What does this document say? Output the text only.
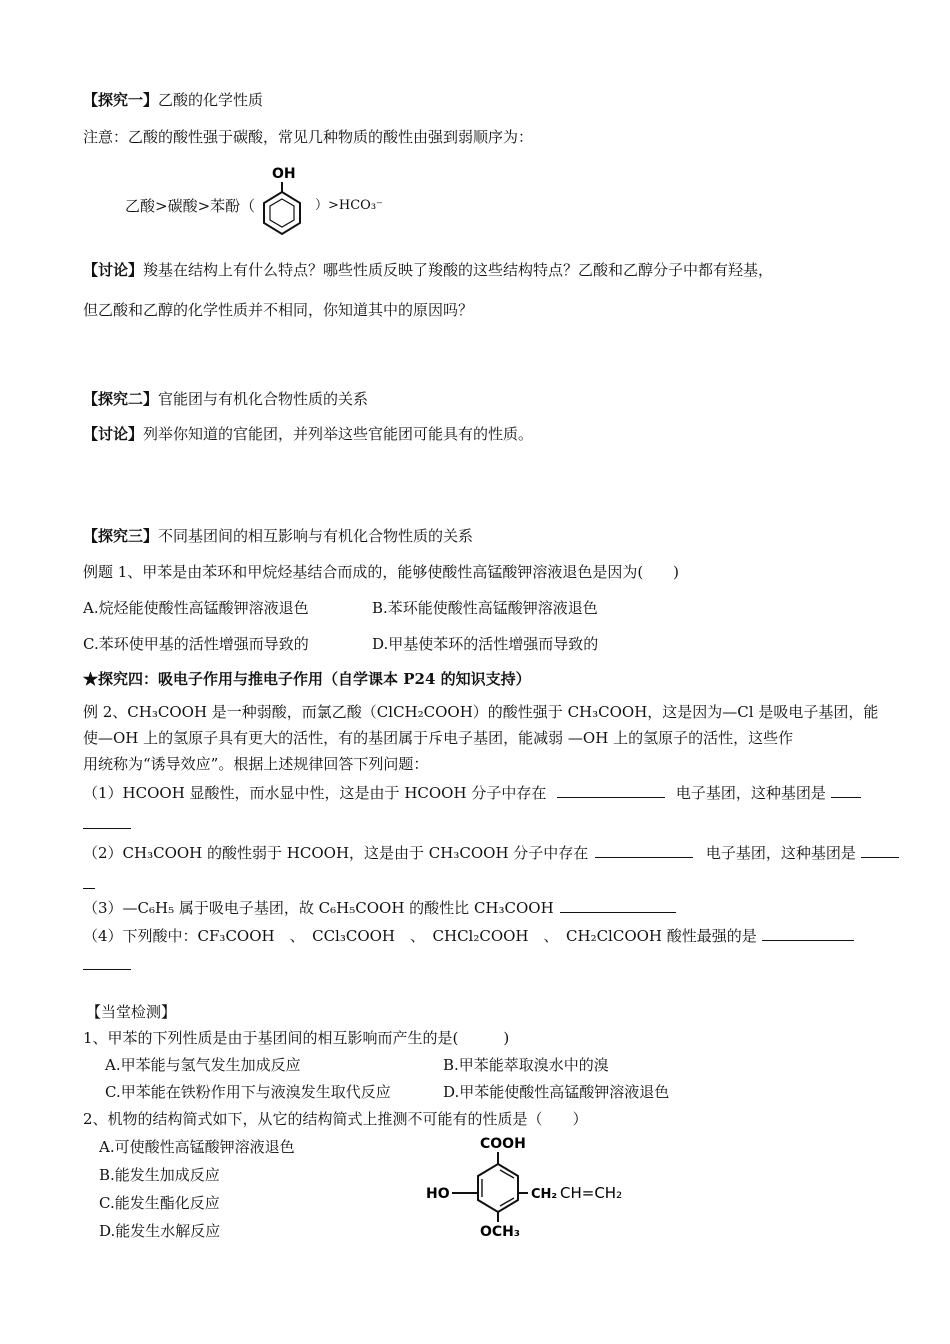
【探究一】乙酸的化学性质
注意：乙酸的酸性强于碳酸，常见几种物质的酸性由强到弱顺序为：
乙酸>碳酸>苯酚（
OH
）>HCO₃⁻
【讨论】羧基在结构上有什么特点？哪些性质反映了羧酸的这些结构特点？乙酸和乙醇分子中都有羟基，
但乙酸和乙醇的化学性质并不相同，你知道其中的原因吗？
【探究二】官能团与有机化合物性质的关系
【讨论】列举你知道的官能团，并列举这些官能团可能具有的性质。
【探究三】不同基团间的相互影响与有机化合物性质的关系
例题 1、甲苯是由苯环和甲烷烃基结合而成的，能够使酸性高锰酸钾溶液退色是因为(　　)
A.烷烃能使酸性高锰酸钾溶液退色	B.苯环能使酸性高锰酸钾溶液退色
C.苯环使甲基的活性增强而导致的	D.甲基使苯环的活性增强而导致的
★探究四：吸电子作用与推电子作用（自学课本 P24 的知识支持）
例 2、CH₃COOH 是一种弱酸，而氯乙酸（ClCH₂COOH）的酸性强于 CH₃COOH，这是因为—Cl 是吸电子基团，能
使—OH 上的氢原子具有更大的活性，有的基团属于斥电子基团，能减弱 —OH 上的氢原子的活性，这些作
用统称为“诱导效应”。根据上述规律回答下列问题：
（1）HCOOH 显酸性，而水显中性，这是由于 HCOOH 分子中存在	电子基团，这种基团是
（2）CH₃COOH 的酸性弱于 HCOOH，这是由于 CH₃COOH 分子中存在	电子基团，这种基团是
（3）—C₆H₅ 属于吸电子基团，故 C₆H₅COOH 的酸性比 CH₃COOH
（4）下列酸中：CF₃COOH　、　CCl₃COOH　、　CHCl₂COOH　、　CH₂ClCOOH 酸性最强的是
【当堂检测】
1、甲苯的下列性质是由于基团间的相互影响而产生的是(　　　)
A.甲苯能与氢气发生加成反应	B.甲苯能萃取溴水中的溴
C.甲苯能在铁粉作用下与液溴发生取代反应	D.甲苯能使酸性高锰酸钾溶液退色
2、机物的结构简式如下，从它的结构简式上推测不可能有的性质是（　　）
A.可使酸性高锰酸钾溶液退色
B.能发生加成反应
C.能发生酯化反应
D.能发生水解反应
COOH
HO	CH₂ CH=CH₂
OCH₃
